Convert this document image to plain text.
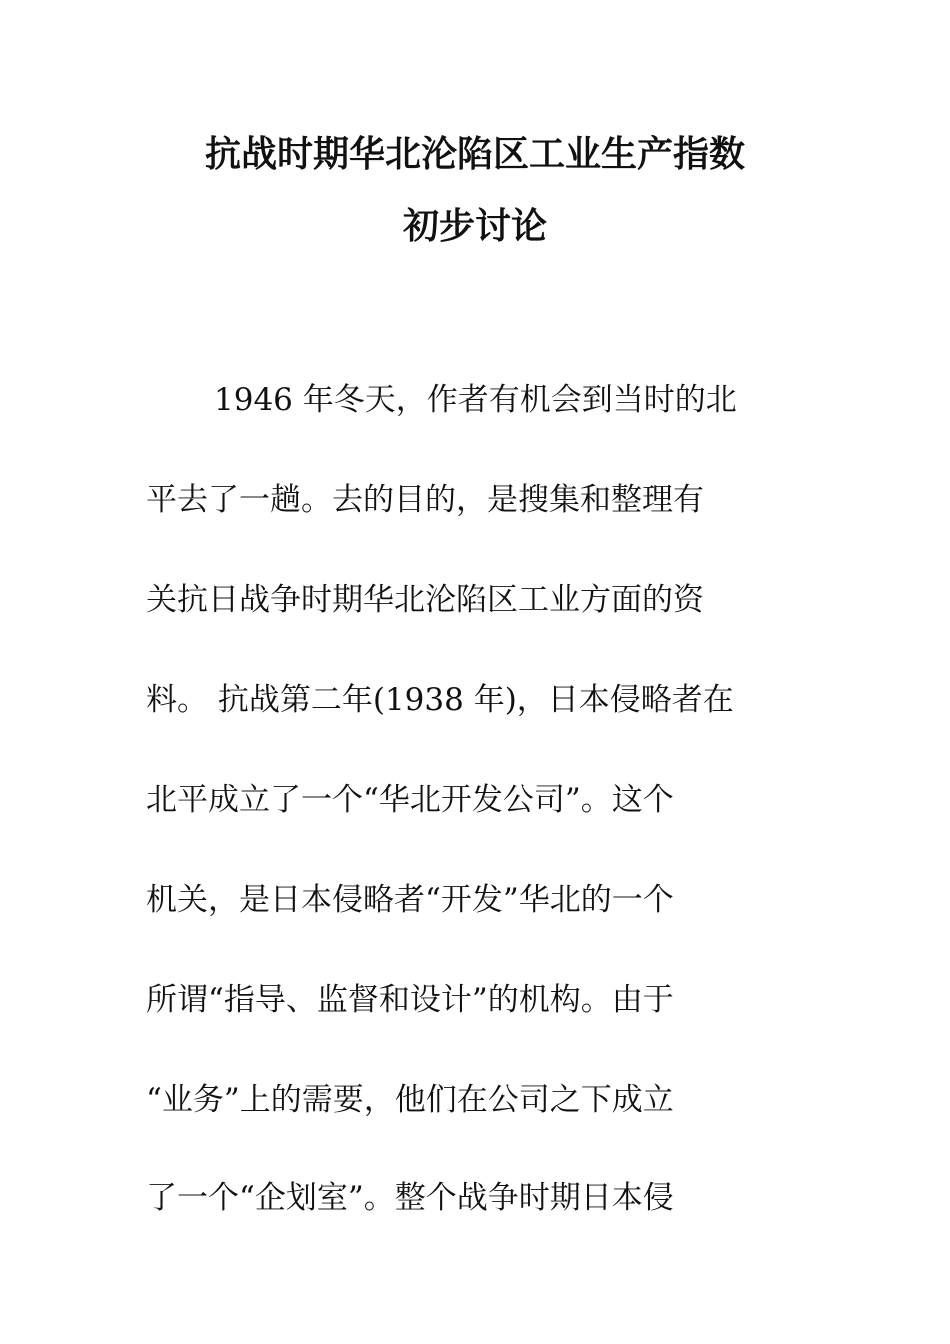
抗战时期华北沦陷区工业生产指数
初步讨论
1946 年冬天，作者有机会到当时的北
平去了一趟。去的目的，是搜集和整理有
关抗日战争时期华北沦陷区工业方面的资
料。 抗战第二年(1938 年)，日本侵略者在
北平成立了一个“华北开发公司”。这个
机关，是日本侵略者“开发”华北的一个
所谓“指导、监督和设计”的机构。由于
“业务”上的需要，他们在公司之下成立
了一个“企划室”。整个战争时期日本侵
